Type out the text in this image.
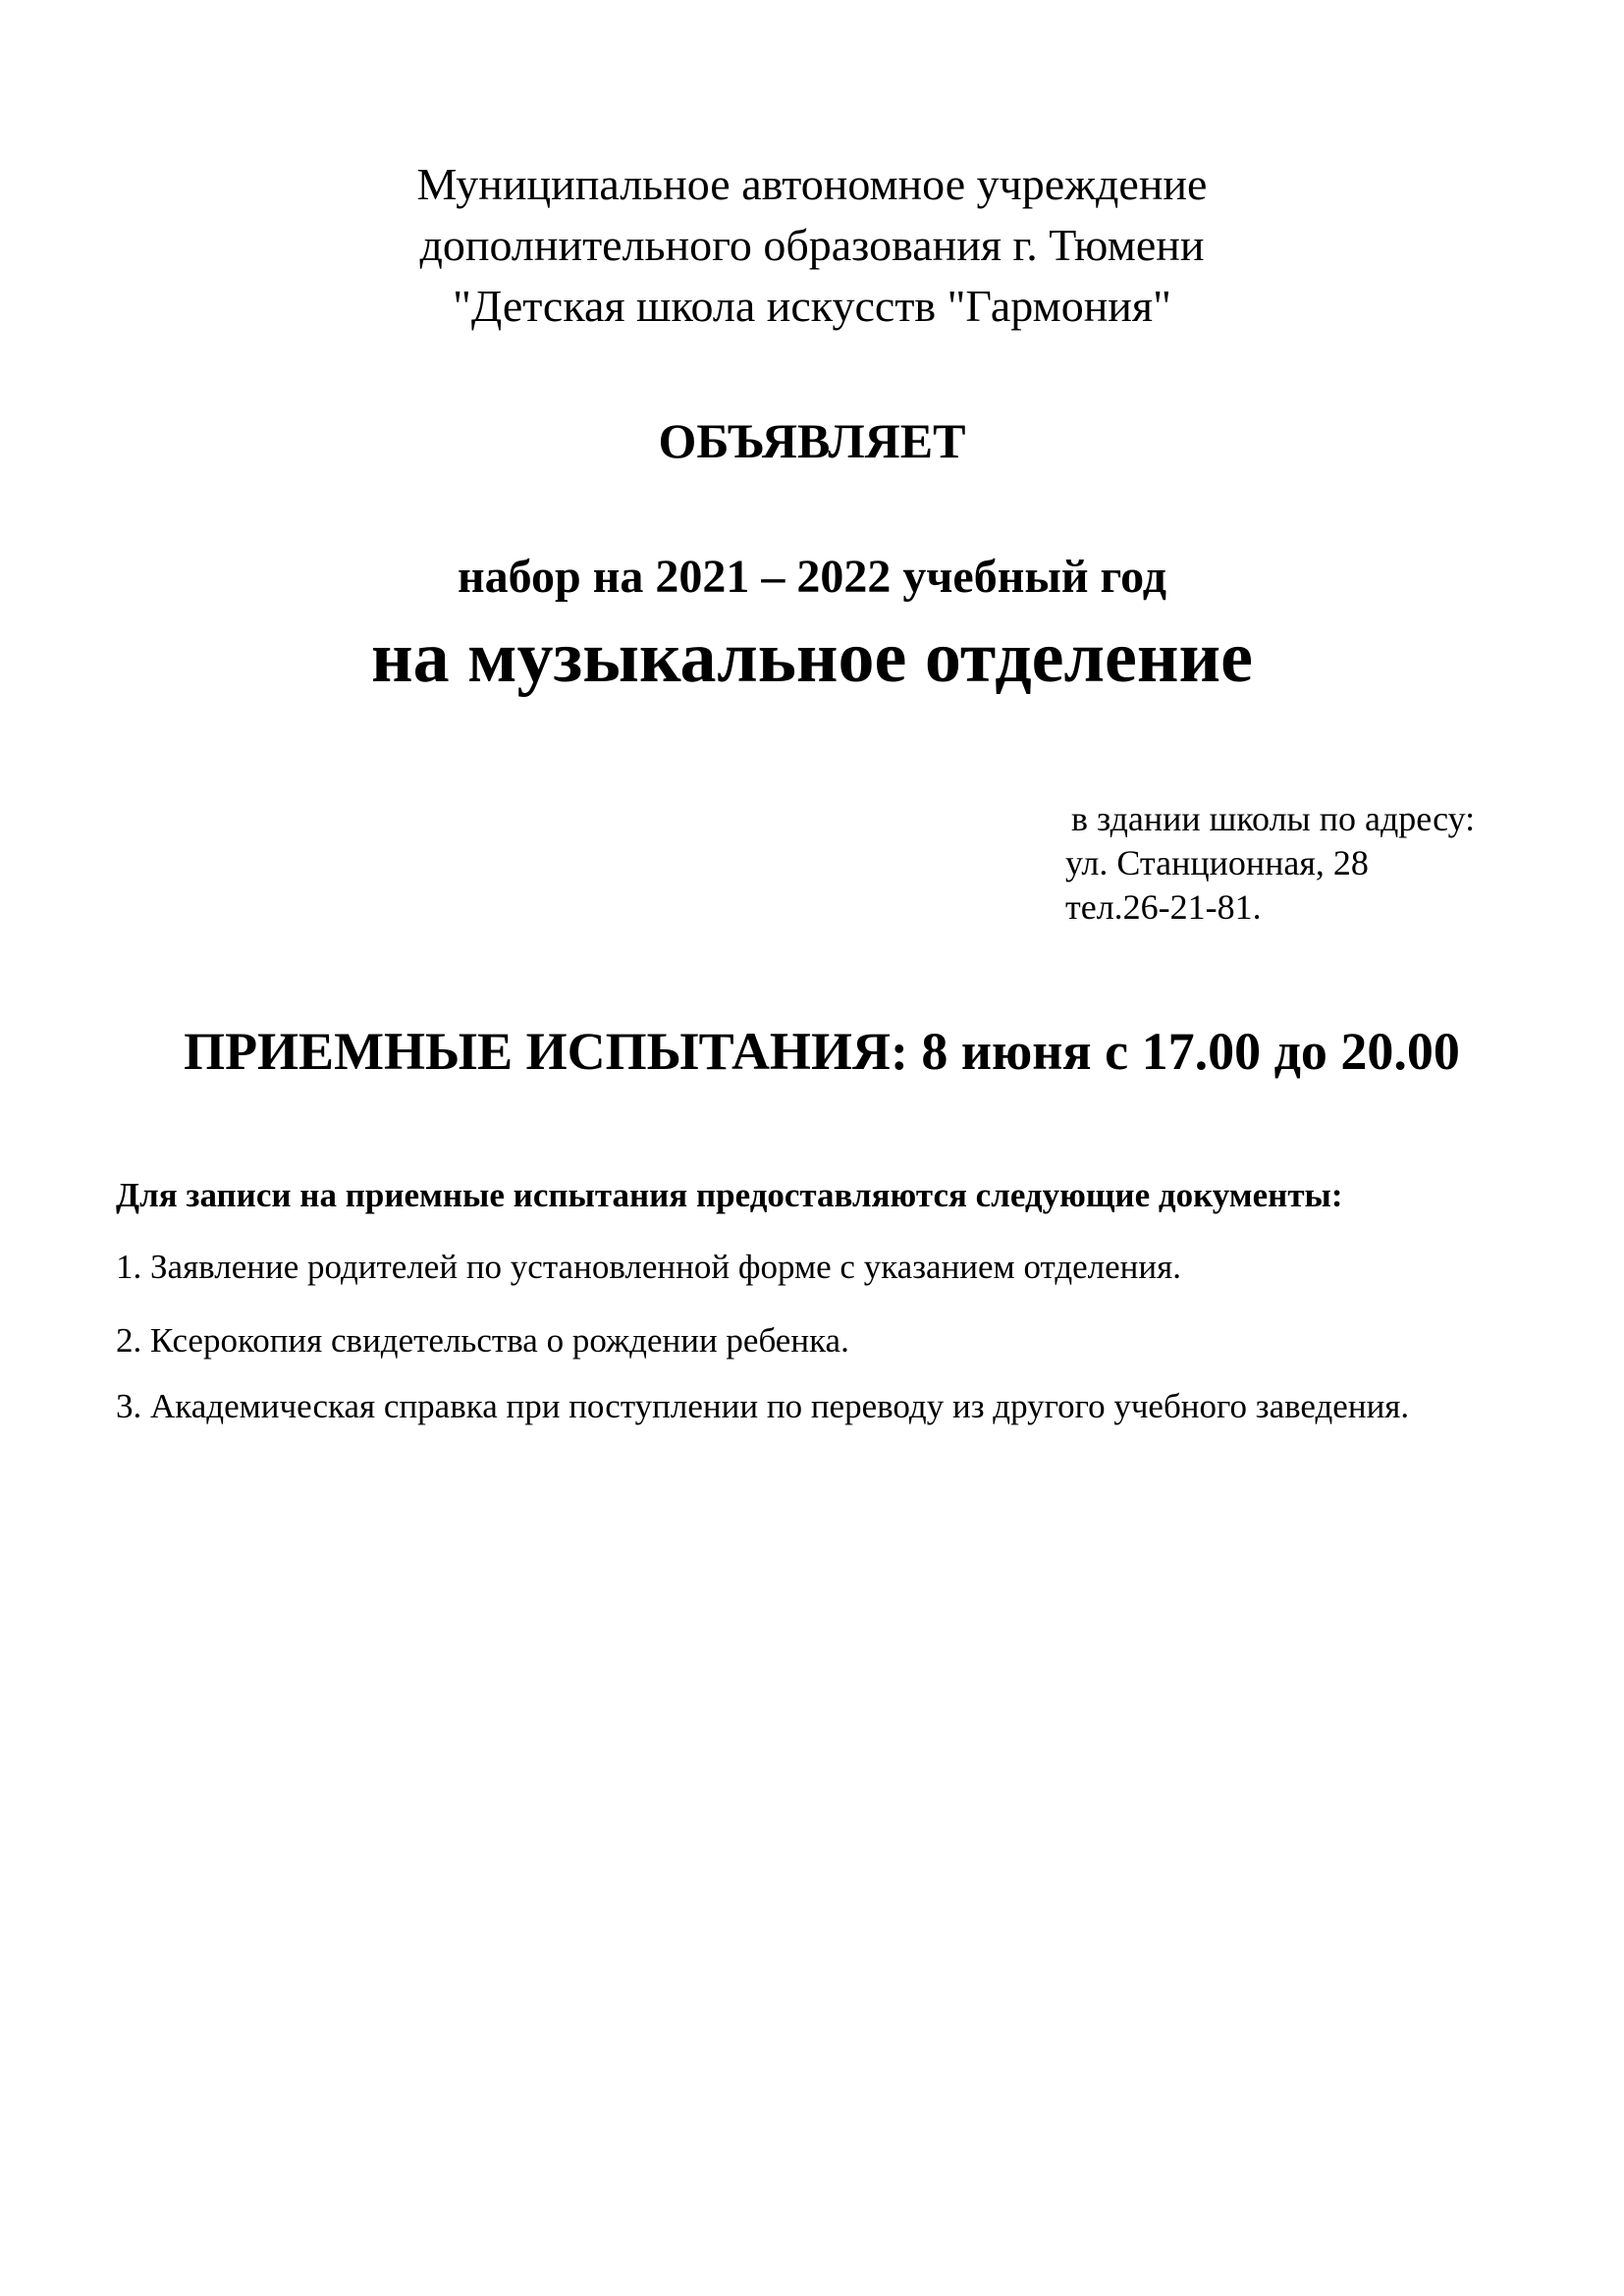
Муниципальное автономное учреждение
дополнительного образования г. Тюмени
"Детская школа искусств "Гармония"
ОБЪЯВЛЯЕТ
набор на 2021 – 2022 учебный год
на музыкальное отделение
в здании школы по адресу:
ул. Станционная, 28
тел.26-21-81.
ПРИЕМНЫЕ ИСПЫТАНИЯ: 8 июня с 17.00 до 20.00
Для записи на приемные испытания предоставляются следующие документы:
1. Заявление родителей по установленной форме с указанием отделения.
2. Ксерокопия свидетельства о рождении ребенка.
3. Академическая справка при поступлении по переводу из другого учебного заведения.
